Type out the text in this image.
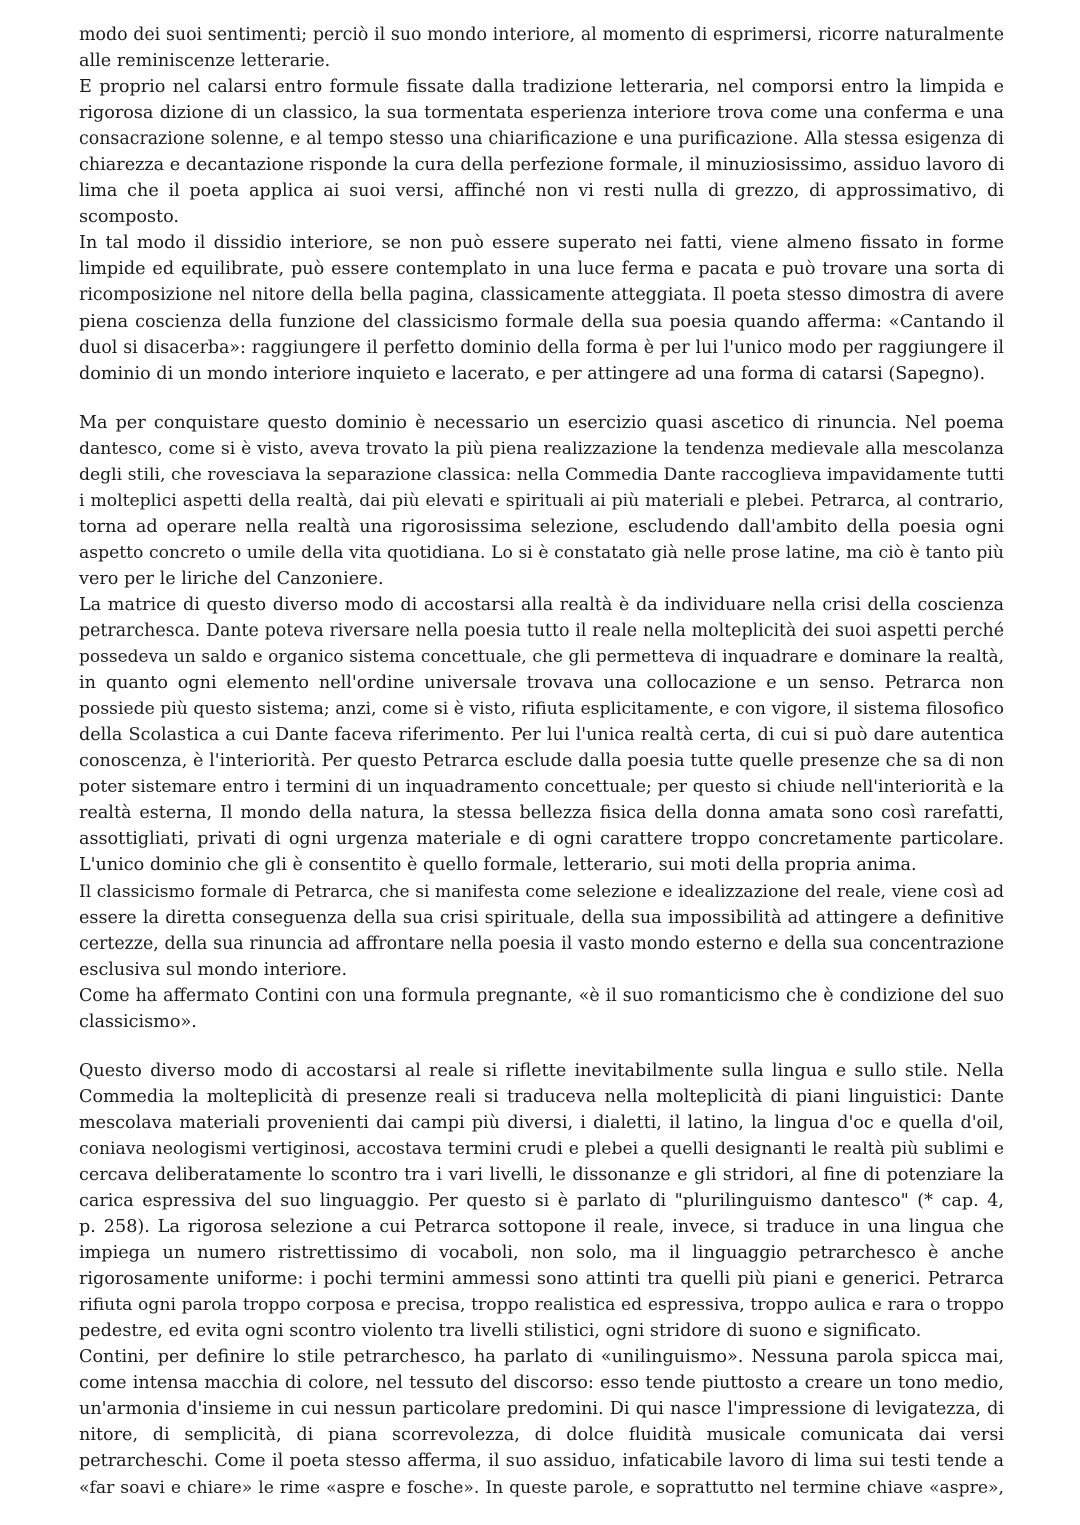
modo dei suoi sentimenti; perciò il suo mondo interiore, al momento di esprimersi, ricorre naturalmente
alle reminiscenze letterarie.

E proprio nel calarsi entro formule fissate dalla tradizione letteraria, nel comporsi entro la limpida e
rigorosa dizione di un classico, la sua tormentata esperienza interiore trova come una conferma e una
consacrazione solenne, e al tempo stesso una chiarificazione e una purificazione. Alla stessa esigenza di
chiarezza e decantazione risponde la cura della perfezione formale, il minuziosissimo, assiduo lavoro di
lima che il poeta applica ai suoi versi, affinché non vi resti nulla di grezzo, di approssimativo, di
scomposto.

In tal modo il dissidio interiore, se non può essere superato nei fatti, viene almeno fissato in forme
limpide ed equilibrate, può essere contemplato in una luce ferma e pacata e può trovare una sorta di
ricomposizione nel nitore della bella pagina, classicamente atteggiata. Il poeta stesso dimostra di avere
piena coscienza della funzione del classicismo formale della sua poesia quando afferma: «Cantando il
duol si disacerba»: raggiungere il perfetto dominio della forma è per lui l'unico modo per raggiungere il
dominio di un mondo interiore inquieto e lacerato, e per attingere ad una forma di catarsi (Sapegno).

Ma per conquistare questo dominio è necessario un esercizio quasi ascetico di rinuncia. Nel poema
dantesco, come si è visto, aveva trovato la più piena realizzazione la tendenza medievale alla mescolanza
degli stili, che rovesciava la separazione classica: nella Commedia Dante raccoglieva impavidamente tutti
i molteplici aspetti della realtà, dai più elevati e spirituali ai più materiali e plebei. Petrarca, al contrario,
torna ad operare nella realtà una rigorosissima selezione, escludendo dall'ambito della poesia ogni
aspetto concreto o umile della vita quotidiana. Lo si è constatato già nelle prose latine, ma ciò è tanto più
vero per le liriche del Canzoniere.

La matrice di questo diverso modo di accostarsi alla realtà è da individuare nella crisi della coscienza
petrarchesca. Dante poteva riversare nella poesia tutto il reale nella molteplicità dei suoi aspetti perché
possedeva un saldo e organico sistema concettuale, che gli permetteva di inquadrare e dominare la realtà,
in quanto ogni elemento nell'ordine universale trovava una collocazione e un senso. Petrarca non
possiede più questo sistema; anzi, come si è visto, rifiuta esplicitamente, e con vigore, il sistema filosofico
della Scolastica a cui Dante faceva riferimento. Per lui l'unica realtà certa, di cui si può dare autentica
conoscenza, è l'interiorità. Per questo Petrarca esclude dalla poesia tutte quelle presenze che sa di non
poter sistemare entro i termini di un inquadramento concettuale; per questo si chiude nell'interiorità e la
realtà esterna, Il mondo della natura, la stessa bellezza fisica della donna amata sono così rarefatti,
assottigliati, privati di ogni urgenza materiale e di ogni carattere troppo concretamente particolare.
L'unico dominio che gli è consentito è quello formale, letterario, sui moti della propria anima.

Il classicismo formale di Petrarca, che si manifesta come selezione e idealizzazione del reale, viene così ad
essere la diretta conseguenza della sua crisi spirituale, della sua impossibilità ad attingere a definitive
certezze, della sua rinuncia ad affrontare nella poesia il vasto mondo esterno e della sua concentrazione
esclusiva sul mondo interiore.

Come ha affermato Contini con una formula pregnante, «è il suo romanticismo che è condizione del suo
classicismo».

Questo diverso modo di accostarsi al reale si riflette inevitabilmente sulla lingua e sullo stile. Nella
Commedia la molteplicità di presenze reali si traduceva nella molteplicità di piani linguistici: Dante
mescolava materiali provenienti dai campi più diversi, i dialetti, il latino, la lingua d'oc e quella d'oil,
coniava neologismi vertiginosi, accostava termini crudi e plebei a quelli designanti le realtà più sublimi e
cercava deliberatamente lo scontro tra i vari livelli, le dissonanze e gli stridori, al fine di potenziare la
carica espressiva del suo linguaggio. Per questo si è parlato di "plurilinguismo dantesco" (* cap. 4,
p. 258). La rigorosa selezione a cui Petrarca sottopone il reale, invece, si traduce in una lingua che
impiega un numero ristrettissimo di vocaboli, non solo, ma il linguaggio petrarchesco è anche
rigorosamente uniforme: i pochi termini ammessi sono attinti tra quelli più piani e generici. Petrarca
rifiuta ogni parola troppo corposa e precisa, troppo realistica ed espressiva, troppo aulica e rara o troppo
pedestre, ed evita ogni scontro violento tra livelli stilistici, ogni stridore di suono e significato.

Contini, per definire lo stile petrarchesco, ha parlato di «unilinguismo». Nessuna parola spicca mai,
come intensa macchia di colore, nel tessuto del discorso: esso tende piuttosto a creare un tono medio,
un'armonia d'insieme in cui nessun particolare predomini. Di qui nasce l'impressione di levigatezza, di
nitore, di semplicità, di piana scorrevolezza, di dolce fluidità musicale comunicata dai versi
petrarcheschi. Come il poeta stesso afferma, il suo assiduo, infaticabile lavoro di lima sui testi tende a
«far soavi e chiare» le rime «aspre e fosche». In queste parole, e soprattutto nel termine chiave «aspre»,
